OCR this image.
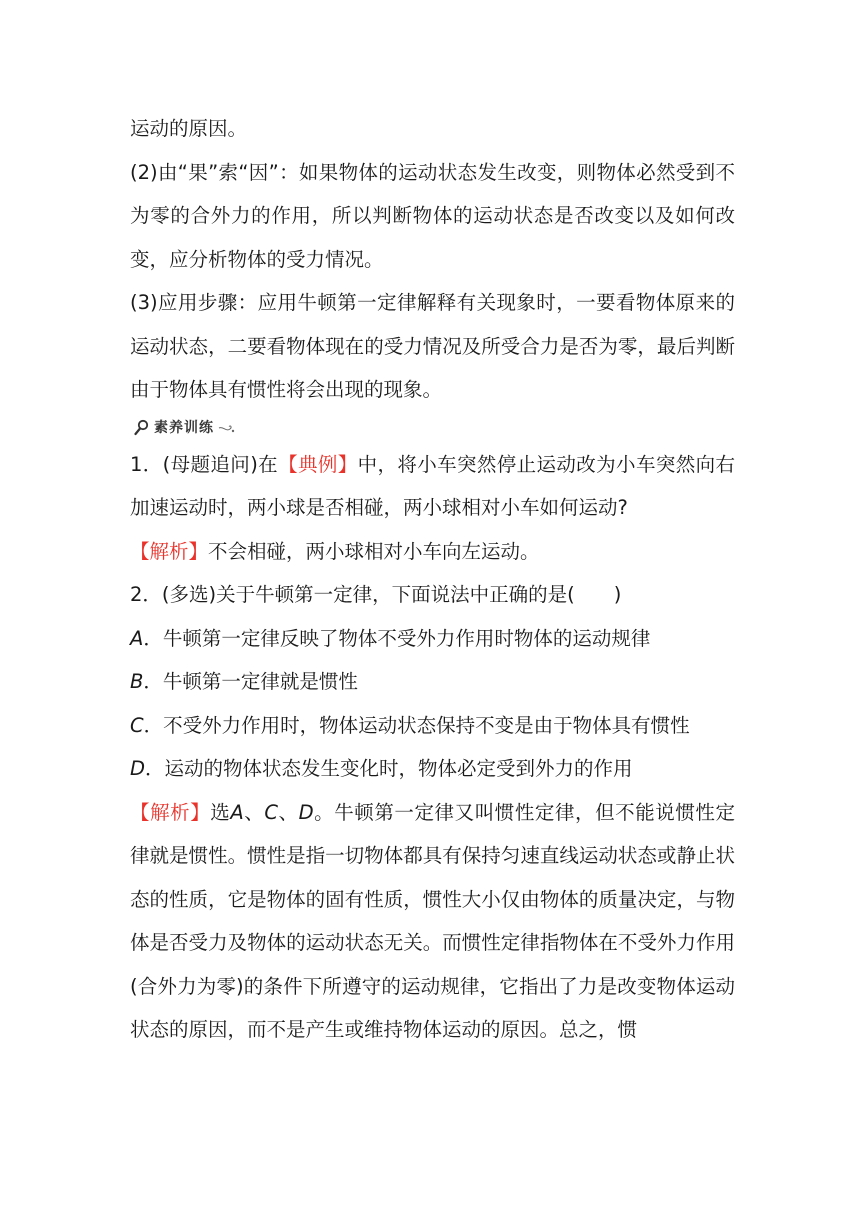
运动的原因。

(2)由“果”索“因”：如果物体的运动状态发生改变，则物体必然受到不为零的合外力的作用，所以判断物体的运动状态是否改变以及如何改变，应分析物体的受力情况。

(3)应用步骤：应用牛顿第一定律解释有关现象时，一要看物体原来的运动状态，二要看物体现在的受力情况及所受合力是否为零，最后判断由于物体具有惯性将会出现的现象。

素养训练

1．(母题追问)在【典例】中，将小车突然停止运动改为小车突然向右加速运动时，两小球是否相碰，两小球相对小车如何运动?

【解析】不会相碰，两小球相对小车向左运动。

2．(多选)关于牛顿第一定律，下面说法中正确的是(　　)

A．牛顿第一定律反映了物体不受外力作用时物体的运动规律

B．牛顿第一定律就是惯性

C．不受外力作用时，物体运动状态保持不变是由于物体具有惯性

D．运动的物体状态发生变化时，物体必定受到外力的作用

【解析】选A、C、D。牛顿第一定律又叫惯性定律，但不能说惯性定律就是惯性。惯性是指一切物体都具有保持匀速直线运动状态或静止状态的性质，它是物体的固有性质，惯性大小仅由物体的质量决定，与物体是否受力及物体的运动状态无关。而惯性定律指物体在不受外力作用(合外力为零)的条件下所遵守的运动规律，它指出了力是改变物体运动状态的原因，而不是产生或维持物体运动的原因。总之，惯
